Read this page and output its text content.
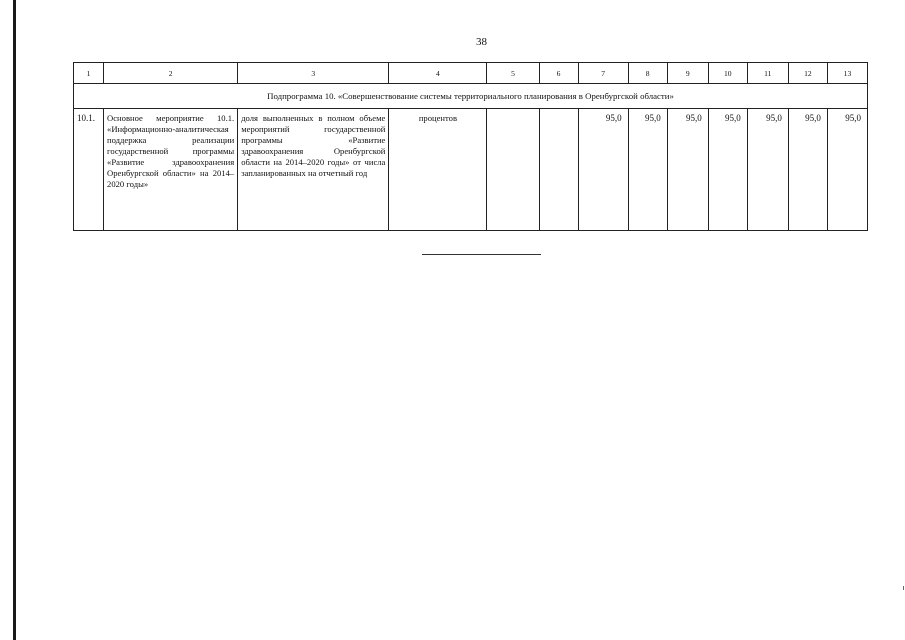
38
1	2	3	4	5	6	7	8	9	10	11	12	13
Подпрограмма 10. «Совершенствование системы территориального планирования в Оренбургской области»												
10.1.	Основное мероприятие 10.1. «Информационно-аналитическая поддержка реализации государственной программы «Развитие здравоохранения Оренбургской области» на 2014–2020 годы»	доля выполненных в полном объеме мероприятий государственной программы «Развитие здравоохранения Оренбургской области на 2014–2020 годы» от числа запланированных на отчетный год	процентов			95,0	95,0	95,0	95,0	95,0	95,0	95,0
